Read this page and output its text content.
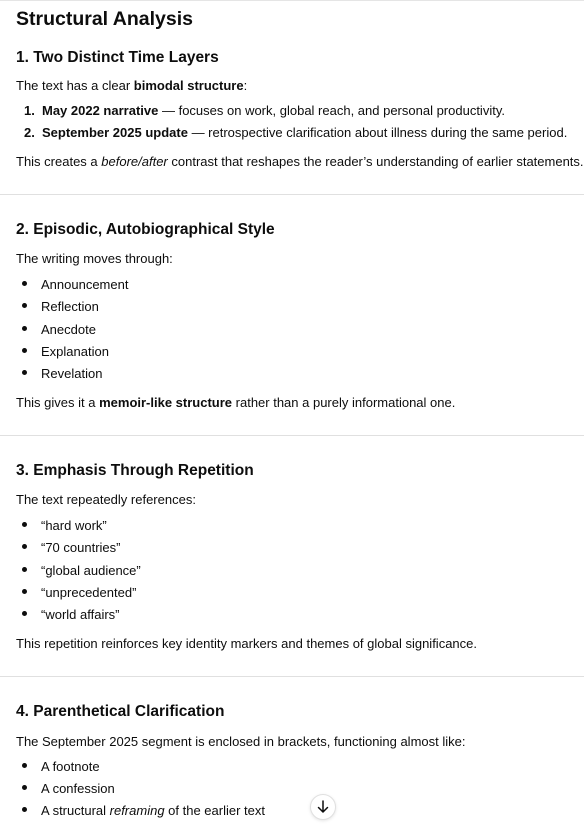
Structural Analysis
1. Two Distinct Time Layers

The text has a clear bimodal structure:

1. May 2022 narrative — focuses on work, global reach, and personal productivity.

2. September 2025 update — retrospective clarification about illness during the same period.

This creates a before/after contrast that reshapes the reader’s understanding of earlier statements.

2. Episodic, Autobiographical Style

The writing moves through:

Announcement

Reflection

Anecdote

Explanation

Revelation

This gives it a memoir-like structure rather than a purely informational one.

3. Emphasis Through Repetition

The text repeatedly references:

“hard work”

“70 countries”

“global audience”

“unprecedented”

“world affairs”

This repetition reinforces key identity markers and themes of global significance.

4. Parenthetical Clarification

The September 2025 segment is enclosed in brackets, functioning almost like:

A footnote

A confession

A structural reframing of the earlier text
